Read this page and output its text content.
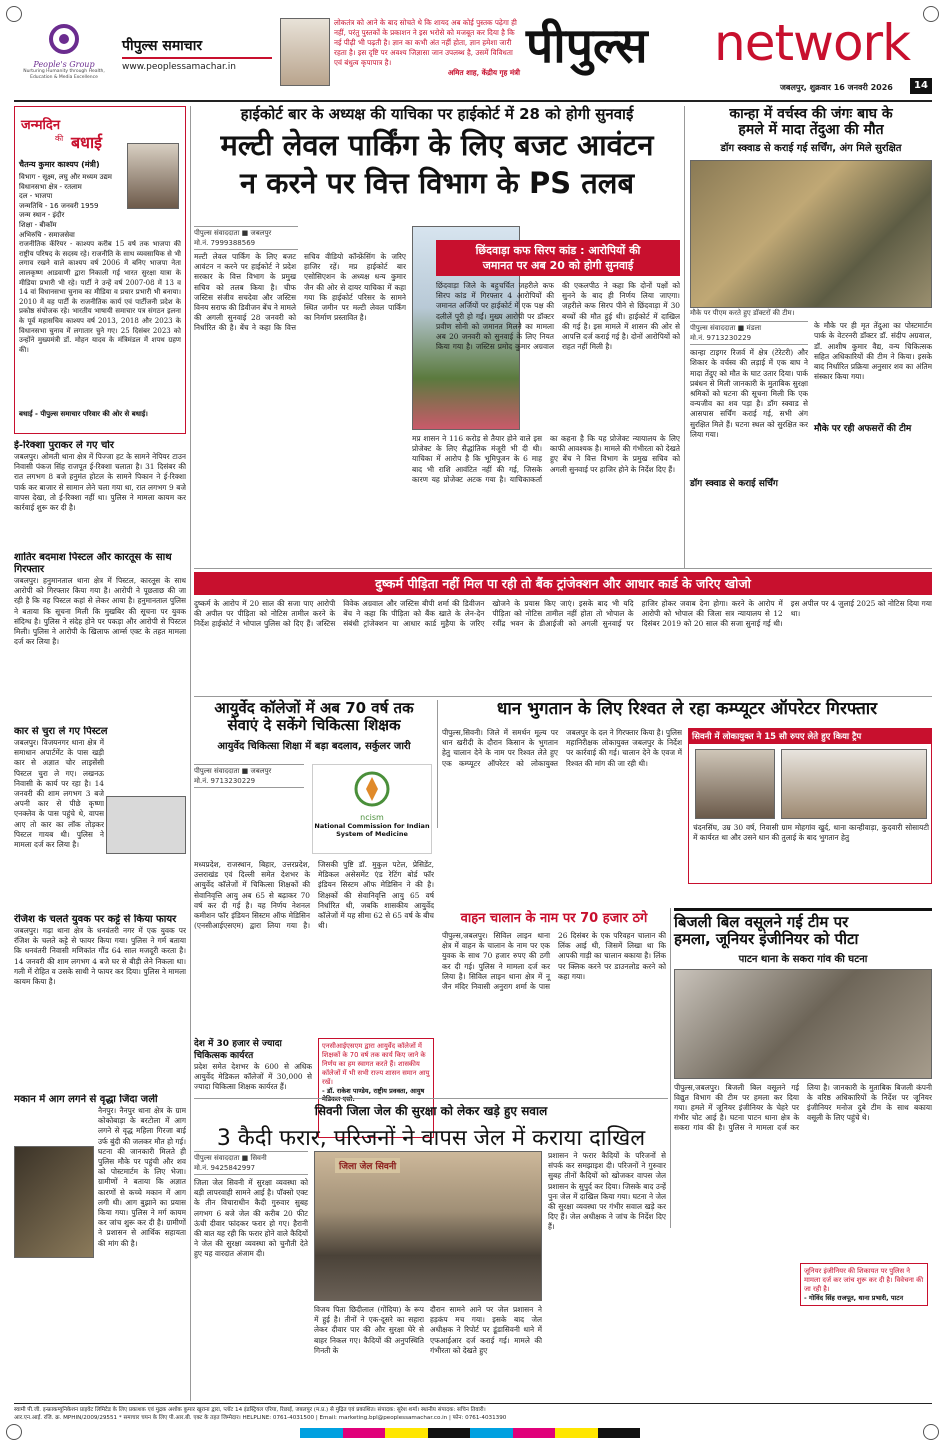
People's Group
Nurturing Humanity through Health, Education & Media Excellence
पीपुल्स समाचार
www.peoplessamachar.in
लोकतंत्र को आने के बाद सोचते थे कि शायद अब कोई पुस्तक पढ़ेगा ही नहीं, परंतु पुस्तकों के प्रकाशन ने इस भरोसे को मजबूत कर दिया है कि नई पीढ़ी भी पढ़ती है। ज्ञान का कभी अंत नहीं होता, ज्ञान हमेशा जारी रहता है। इस दृष्टि पर अवश्य जिज्ञासा जान उपलब्ध है, उसमें विविधता एवं बंधुत्व कृपापात्र है।
अमित शाह, केंद्रीय गृह मंत्री पीपुल्स network
जबलपुर, शुक्रवार 16 जनवरी 2026	14
जन्मदिन
की बधाई
चैतन्य कुमार काश्यप (मंत्री)
विभाग - सूक्ष्म, लघु और मध्यम उद्यम
विधानसभा क्षेत्र - रतलाम
दल - भाजपा
जन्मतिथि - 16 जनवरी 1959
जन्म स्थान - इंदौर
शिक्षा - बीकॉम
अभिरुचि - समाजसेवा
राजनीतिक कॅरियर - काश्यप करीब 15 वर्ष तक भाजपा की राष्ट्रीय परिषद के सदस्य रहे। राजनीति के साथ व्यवसायिक से भी लगाव रखने वाले काश्यप वर्ष 2006 में बनिए भाजपा नेता लालकृष्ण आडवाणी द्वारा निकाली गई भारत सुरक्षा यात्रा के मीडिया प्रभारी भी रहे। पार्टी ने उन्हें वर्ष 2007-08 में 13 व 14 वां विधानसभा चुनाव का मीडिया व प्रचार प्रभारी भी बनाया। 2010 में वह पार्टी के राजनीतिक कार्य एवं पार्टीजनी प्रदेश के प्रकोष्ठ संयोजक रहे। भारतीय भाषायी समाचार पत्र संगठन इलना के पूर्व महासचिव काश्यप वर्ष 2013, 2018 और 2023 के विधानसभा चुनाव में लगातार चुने गए। 25 दिसंबर 2023 को उन्होंने मुख्यमंत्री डॉ. मोहन यादव के मंत्रिमंडल में शपथ ग्रहण की।
बधाई - पीपुल्स समाचार परिवार की ओर से बधाई।
ई-रिक्शा पुराकर ले गए चोर
जबलपुर। ओमती थाना क्षेत्र में पिज्जा हट के सामने नेपियर टाउन निवासी पंकज सिंह राजपूत ई-रिक्शा चलाता है। 31 दिसंबर की रात लगभग 8 बजे हनुमंत होटल के सामने पिकान ने ई-रिक्शा पार्क कर बाजार से सामान लेने चला गया था, रात लगभग 9 बजे वापस देखा, तो ई-रिक्शा नहीं था। पुलिस ने मामला कायम कर कार्रवाई शुरू कर दी है।
शातिर बदमाश पिस्टल और कारतूस के साथ गिरफ्तार
जबलपुर। हनुमानताल थाना क्षेत्र में पिस्टल, कारतूस के साथ आरोपी को गिरफ्तार किया गया है। आरोपी ने पूछताछ की जा रही है कि वह पिस्टल कहां से लेकर आया है। हनुमानताल पुलिस ने बताया कि सूचना मिली कि मुखबिर की सूचना पर युवक संदिग्ध है। पुलिस ने संदेह होने पर पकड़ा और आरोपी से पिस्टल मिली। पुलिस ने आरोपी के खिलाफ आर्म्स एक्ट के तहत मामला दर्ज कर लिया है।
कार से चुरा ले गए पिस्टल
जबलपुर। विजयनगर थाना क्षेत्र में समाधान अपार्टमेंट के पास खड़ी कार से अज्ञात चोर लाइसेंसी पिस्टल चुरा ले गए। लखनऊ निवासी के कार्य पर रहा है। 14 जनवरी की शाम लगभग 3 बजे अपनी कार से पीछे कृष्णा एनक्लेव के पास पहुंचे थे, वापस आए तो कार का लॉक तोड़कर पिस्टल गायब थी। पुलिस ने मामला दर्ज कर लिया है।
रंजिश के चलते युवक पर कट्टे से किया फायर
जबलपुर। गढ़ा थाना क्षेत्र के धनवंतरी नगर में एक युवक पर रंजिश के चलते कट्टे से फायर किया गया। पुलिस ने गर्म बताया कि धनवंतरी निवासी मणिकांत गौंड 64 साल मजदूरी करता है। 14 जनवरी की शाम लगभग 4 बजे घर से बीड़ी लेने निकला था। गली में रोहित व उसके साथी ने फायर कर दिया। पुलिस ने मामला कायम किया है।
मकान में आग लगने से वृद्धा जिंदा जली
नैनपुर। नैनपुर थाना क्षेत्र के ग्राम कोकोबाड़ा के बरटोला में आग लगने से वृद्ध महिला गिरजा बाई उर्फ बुंदी की जलकर मौत हो गई। घटना की जानकारी मिलते ही पुलिस मौके पर पहुंची और शव को पोस्टमार्टम के लिए भेजा। ग्रामीणों ने बताया कि अज्ञात कारणों से कच्चे मकान में आग लगी थी। आग बुझाने का प्रयास किया गया। पुलिस ने मर्ग कायम कर जांच शुरू कर दी है। ग्रामीणों ने प्रशासन से आर्थिक सहायता की मांग की है।
हाईकोर्ट बार के अध्यक्ष की याचिका पर हाईकोर्ट में 28 को होगी सुनवाई
मल्टी लेवल पार्किंग के लिए बजट आवंटन
न करने पर वित्त विभाग के PS तलब
पीपुल्स संवाददाता ■ जबलपुर
मो.नं. 7999388569
मल्टी लेवल पार्किंग के लिए बजट आवंटन न करने पर हाईकोर्ट ने प्रदेश सरकार के वित्त विभाग के प्रमुख सचिव को तलब किया है। चीफ जस्टिस संजीव सचदेवा और जस्टिस विनय सराफ की डिवीजन बेंच ने मामले की अगली सुनवाई 28 जनवरी को निर्धारित की है। बेंच ने कहा कि वित्त सचिव वीडियो कॉन्फ्रेंसिंग के जरिए हाजिर रहें। मप्र हाईकोर्ट बार एसोसिएशन के अध्यक्ष धन्य कुमार जैन की ओर से दायर याचिका में कहा गया कि हाईकोर्ट परिसर के सामने स्थित जमीन पर मल्टी लेवल पार्किंग का निर्माण प्रस्तावित है।
मप्र शासन ने 116 करोड़ से तैयार होने वाले इस प्रोजेक्ट के लिए सैद्धांतिक मंजूरी भी दी थी। याचिका में आरोप है कि भूमिपूजन के 6 माह बाद भी राशि आवंटित नहीं की गई, जिसके कारण यह प्रोजेक्ट अटक गया है। याचिकाकर्ता का कहना है कि यह प्रोजेक्ट न्यायालय के लिए काफी आवश्यक है। मामले की गंभीरता को देखते हुए बेंच ने वित्त विभाग के प्रमुख सचिव को अगली सुनवाई पर हाजिर होने के निर्देश दिए हैं।
छिंदवाड़ा कफ सिरप कांड : आरोपियों की
जमानत पर अब 20 को होगी सुनवाई
छिंदवाड़ा जिले के बहुचर्चित जहरीले कफ सिरप कांड में गिरफ्तार 4 आरोपियों की जमानत अर्जियों पर हाईकोर्ट में एक पक्ष की दलीलें पूरी हो गईं। मुख्य आरोपी पर डॉक्टर प्रवीण सोनी को जमानत मिलने का मामला अब 20 जनवरी को सुनवाई के लिए नियत किया गया है। जस्टिस प्रमोद कुमार अग्रवाल की एकलपीठ ने कहा कि दोनों पक्षों को सुनने के बाद ही निर्णय लिया जाएगा। जहरीले कफ सिरप पीने से छिंदवाड़ा में 30 बच्चों की मौत हुई थी। हाईकोर्ट में दाखिल की गई है। इस मामले में शासन की ओर से आपत्ति दर्ज कराई गई है। दोनों आरोपियों को राहत नहीं मिली है।
कान्हा में वर्चस्व की जंगः बाघ के
हमले में मादा तेंदुआ की मौत
डॉग स्क्वाड से कराई गई सर्चिंग, अंग मिले सुरक्षित
मौके पर पीएम करते हुए डॉक्टरों की टीम।
पीपुल्स संवाददाता ■ मंडला
मो.नं. 9713230229
कान्हा टाइगर रिजर्व में क्षेत्र (टेरेटरी) और शिकार के वर्चस्व की लड़ाई में एक बाघ ने मादा तेंदुए को मौत के घाट उतार दिया। पार्क प्रबंधन से मिली जानकारी के मुताबिक सुरक्षा श्रमिकों को घटना की सूचना मिली कि एक वन्यजीव का शव पड़ा है। डॉग स्क्वाड से आसपास सर्चिंग कराई गई, सभी अंग सुरक्षित मिले हैं। घटना स्थल को सुरक्षित कर लिया गया।
डॉग स्क्वाड से कराई सर्चिंग
के मौके पर ही मृत तेंदुआ का पोस्टमार्टम पार्क के वेटरनरी डॉक्टर डॉ. संदीप अग्रवाल, डॉ. आशीष कुमार वैद्य, वन्य चिकित्सक सहित अधिकारियों की टीम ने किया। इसके बाद निर्धारित प्रक्रिया अनुसार शव का अंतिम संस्कार किया गया।
मौके पर रही अफसरों की टीम
दुष्कर्म पीड़िता नहीं मिल पा रही तो बैंक ट्रांजेक्शन और आधार कार्ड के जरिए खोजो
दुष्कर्म के आरोप में 20 साल की सजा पाए आरोपी की अपील पर पीड़िता को नोटिस तामील करने के निर्देश हाईकोर्ट ने भोपाल पुलिस को दिए हैं। जस्टिस विवेक अग्रवाल और जस्टिस बीपी शर्मा की डिवीजन बेंच ने कहा कि पीड़िता को बैंक खाते के लेन-देन संबंधी ट्रांजेक्शन या आधार कार्ड मुहैया के जरिए खोजने के प्रयास किए जाएं। इसके बाद भी यदि पीड़िता को नोटिस तामील नहीं होता तो भोपाल के रवींद्र भवन के डीआईजी को अगली सुनवाई पर हाजिर होकर जवाब देना होगा। करने के आरोप में आरोपी को भोपाल की जिला सत्र न्यायालय से 12 दिसंबर 2019 को 20 साल की सजा सुनाई गई थी। इस अपील पर 4 जुलाई 2025 को नोटिस दिया गया था।
आयुर्वेद कॉलेजों में अब 70 वर्ष तक
सेवाएं दे सकेंगे चिकित्सा शिक्षक
आयुर्वेद चिकित्सा शिक्षा में बड़ा बदलाव, सर्कुलर जारी
पीपुल्स संवाददाता ■ जबलपुर
मो.नं. 9713230229
ncism
National Commission for Indian System of Medicine
मध्यप्रदेश, राजस्थान, बिहार, उत्तरप्रदेश, उत्तराखंड एवं दिल्ली समेत देशभर के आयुर्वेद कॉलेजों में चिकित्सा शिक्षकों की सेवानिवृत्ति आयु अब 65 से बढ़ाकर 70 वर्ष कर दी गई है। यह निर्णय नेशनल कमीशन फॉर इंडियन सिस्टम ऑफ मेडिसिन (एनसीआईएसएम) द्वारा लिया गया है। जिसकी पुष्टि डॉ. मुकुल पटेल, प्रेसिडेंट, मेडिकल असेसमेंट एंड रेटिंग बोर्ड फॉर इंडियन सिस्टम ऑफ मेडिसिन ने की है। शिक्षकों की सेवानिवृत्ति आयु 65 वर्ष निर्धारित थी, जबकि शासकीय आयुर्वेद कॉलेजों में यह सीमा 62 से 65 वर्ष के बीच थी।
देश में 30 हजार से ज्यादा चिकित्सक कार्यरत
प्रदेश समेत देशभर के 600 से अधिक आयुर्वेद मेडिकल कॉलेजों में 30,000 से ज्यादा चिकित्सा शिक्षक कार्यरत हैं।
एनसीआईएसएम द्वारा आयुर्वेद कॉलेजों में शिक्षकों के 70 वर्ष तक कार्य किए जाने के निर्णय का हम स्वागत करते हैं। शासकीय कॉलेजों में भी सभी राज्य शासन समान आयु रखें।
- डॉ. राकेश पाण्डेय, राष्ट्रीय प्रवक्ता, आयुष मेडिकल एसो.
धान भुगतान के लिए रिश्वत ले रहा कम्प्यूटर ऑपरेटर गिरफ्तार
पीपुल्स,सिवनी। जिले में समर्थन मूल्य पर धान खरीदी के दौरान किसान के भुगतान हेतु चालान देने के नाम पर रिश्वत लेते हुए एक कम्प्यूटर ऑपरेटर को लोकायुक्त जबलपुर के दल ने गिरफ्तार किया है। पुलिस महानिरीक्षक लोकायुक्त जबलपुर के निर्देश पर कार्रवाई की गई। चालान देने के एवज में रिश्वत की मांग की जा रही थी।
सिवनी में लोकायुक्त ने 15 सौ रुपए लेते हुए किया ट्रैप
चंदनसिंघ, उम्र 30 वर्ष, निवासी ग्राम मोहगांव खुर्द, थाना कान्हीवाड़ा, कुदवारी सोसायटी में कार्यरत था और उसने धान की तुलाई के बाद भुगतान हेतु
वाहन चालान के नाम पर 70 हजार ठगे
पीपुल्स,जबलपुर। सिविल लाइन थाना क्षेत्र में वाहन के चालान के नाम पर एक युवक के साथ 70 हजार रुपए की ठगी कर दी गई। पुलिस ने मामला दर्ज कर लिया है। सिविल लाइन थाना क्षेत्र में नू जैन मंदिर निवासी अनुराग शर्मा के पास 26 दिसंबर के एक परिवहन चालान की लिंक आई थी, जिसमें लिखा था कि आपकी गाड़ी का चालान बकाया है। लिंक पर क्लिक करने पर डाउनलोड करने को कहा गया।
बिजली बिल वसूलने गई टीम पर
हमला, जूनियर इंजीनियर को पीटा
पाटन थाना के सकरा गांव की घटना
पीपुल्स,जबलपुर। बिजली बिल वसूलने गई विद्युत विभाग की टीम पर हमला कर दिया गया। हमले में जूनियर इंजीनियर के चेहरे पर गंभीर चोट आई है। घटना पाटन थाना क्षेत्र के सकरा गांव की है। पुलिस ने मामला दर्ज कर लिया है। जानकारी के मुताबिक बिजली कंपनी के वरिष्ठ अधिकारियों के निर्देश पर जूनियर इंजीनियर मनोज दुबे टीम के साथ बकाया वसूली के लिए पहुंचे थे।
जूनियर इंजीनियर की शिकायत पर पुलिस ने मामला दर्ज कर जांच शुरू कर दी है। विवेचना की जा रही है।
- गोविंद सिंह राजपूत, थाना प्रभारी, पाटन
सिवनी जिला जेल की सुरक्षा को लेकर खड़े हुए सवाल
3 कैदी फरार, परिजनों ने वापस जेल में कराया दाखिल
पीपुल्स संवाददाता ■ सिवनी
मो.नं. 9425842997
जिला जेल सिवनी में सुरक्षा व्यवस्था को बड़ी लापरवाही सामने आई है। पॉक्सो एक्ट के तीन विचाराधीन कैदी गुरुवार सुबह लगभग 6 बजे जेल की करीब 20 फीट ऊंची दीवार फांदकर फरार हो गए। हैरानी की बात यह रही कि फरार होने वाले कैदियों ने जेल की सुरक्षा व्यवस्था को चुनौती देते हुए यह वारदात अंजाम दी।
जिला जेल सिवनी
विजय पिता छिदीलाल (गोंदिया) के रूप में हुई है। तीनों ने एक-दूसरे का सहारा लेकर दीवार पार की और सुरक्षा घेरे से बाहर निकल गए। कैदियों की अनुपस्थिति गिनती के
दौरान सामने आने पर जेल प्रशासन ने हड़कंप मच गया। इसके बाद जेल अधीक्षक ने रिपोर्ट पर डूंडासिवनी थाने में एफआईआर दर्ज कराई गई। मामले की गंभीरता को देखते हुए
प्रशासन ने फरार कैदियों के परिजनों से संपर्क कर समझाइश दी। परिजनों ने गुरुवार सुबह तीनों कैदियों को खोजकर वापस जेल प्रशासन के सुपुर्द कर दिया। जिसके बाद उन्हें पुनः जेल में दाखिल किया गया। घटना ने जेल की सुरक्षा व्यवस्था पर गंभीर सवाल खड़े कर दिए हैं। जेल अधीक्षक ने जांच के निर्देश दिए हैं।
स्वामी पी.जी. इन्फ्राकम्युनिकेशन प्राइवेट लिमिटेड के लिए प्रकाशक एवं मुद्रक अशोक कुमार खुराना द्वारा, प्लॉट 14 इंडस्ट्रियल एरिया, रिछाई, जबलपुर (म.प्र.) से मुद्रित एवं प्रकाशित। संपादक: सुरेश शर्मा। स्थानीय संपादक: सचिन तिवारी।
आर.एन.आई. रजि. क्र. MPHIN/2009/29551 * समाचार चयन के लिए पी.आर.बी. एक्ट के तहत जिम्मेदार। HELPLINE: 0761-4031500 | Email: marketing.bpl@peoplessamachar.co.in | फोन: 0761-4031390
